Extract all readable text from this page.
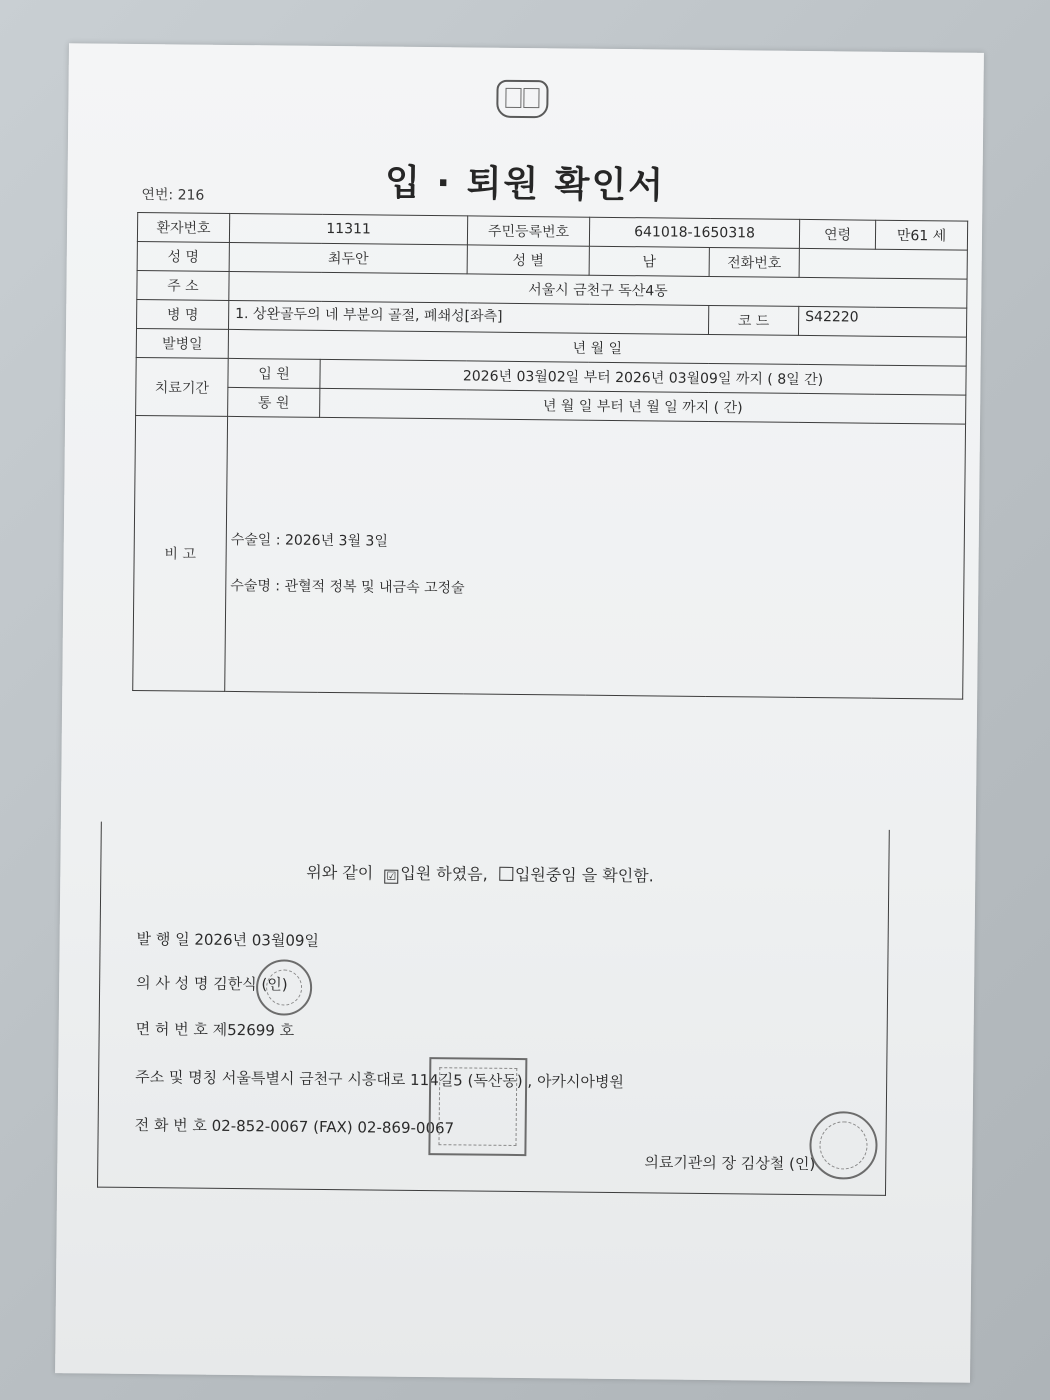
입 · 퇴원 확인서
연번: 216
환자번호	11311		주민등록번호	641018-1650318		연령	만61 세
성 명	최두안		성 별	남	전화번호		
주 소	서울시 금천구 독산4동						
병 명	1. 상완골두의 네 부분의 골절, 폐쇄성[좌측]				코 드	S42220	
발병일	년 월 일						
치료기간	입 원	2026년 03월02일 부터 2026년 03월09일 까지 ( 8일 간)					
	통 원	년 월 일 부터 년 월 일 까지 ( 간)					
비 고	수술일 : 2026년 3월 3일
수술명 : 관혈적 정복 및 내금속 고정술						
위와 같이 ☑ 입원 하였음, 입원중임 을 확인함.
발 행 일 2026년 03월09일
의 사 성 명 김한식 (인)
면 허 번 호 제52699 호
주소 및 명칭 서울특별시 금천구 시흥대로 114길5 (독산동) , 아카시아병원
전 화 번 호 02-852-0067 (FAX) 02-869-0067
의료기관의 장 김상철 (인)
